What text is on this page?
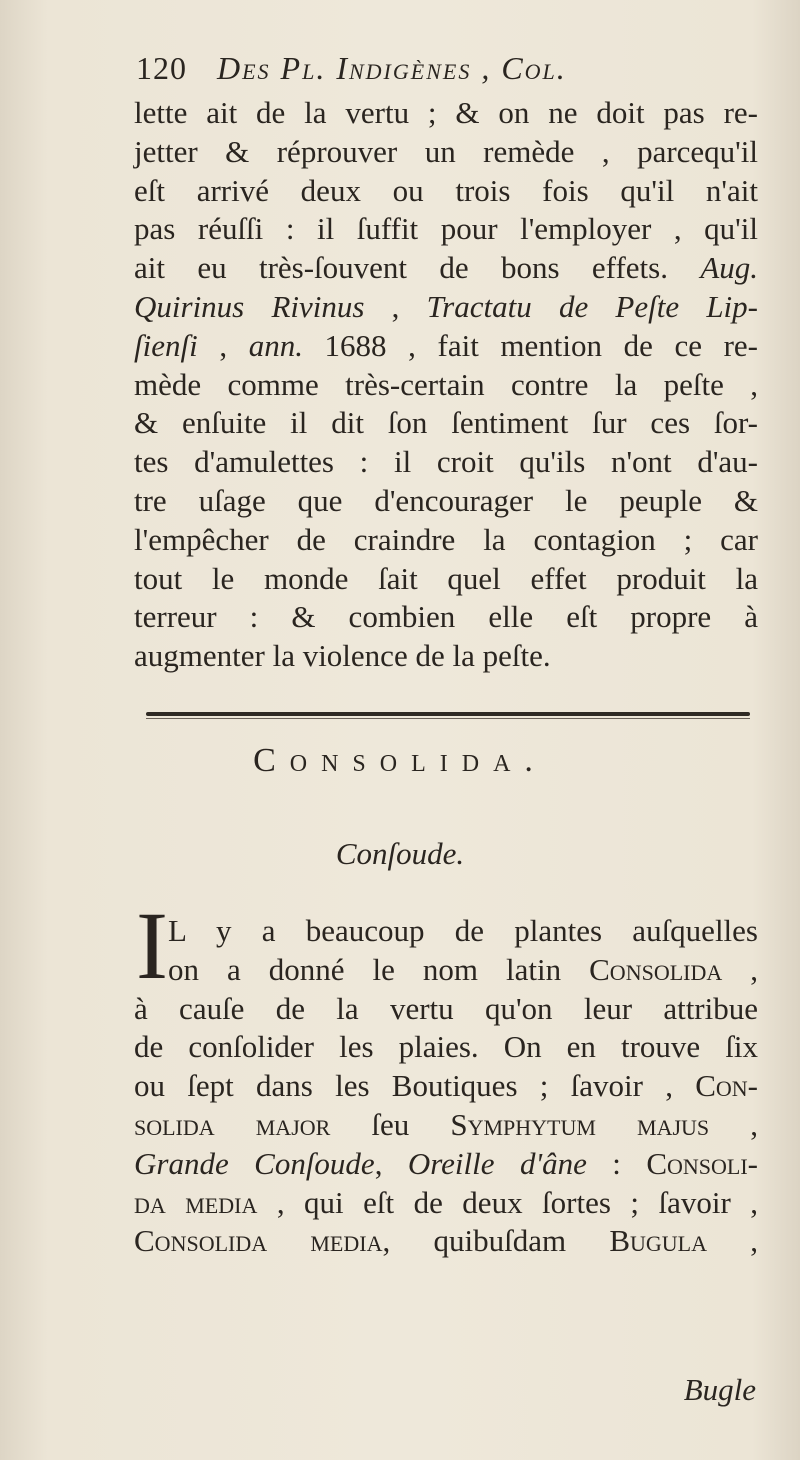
120 Des Pl. Indigènes , Col.
lette ait de la vertu ; & on ne doit pas re-
jetter & réprouver un remède , parcequ'il
eſt arrivé deux ou trois fois qu'il n'ait
pas réuſſi : il ſuffit pour l'employer , qu'il
ait eu très-ſouvent de bons effets. Aug.
Quirinus Rivinus , Tractatu de Peſte Lip-
ſienſi , ann. 1688 , fait mention de ce re-
mède comme très-certain contre la peſte ,
& enſuite il dit ſon ſentiment ſur ces ſor-
tes d'amulettes : il croit qu'ils n'ont d'au-
tre uſage que d'encourager le peuple &
l'empêcher de craindre la contagion ; car
tout le monde ſait quel effet produit la
terreur : & combien elle eſt propre à
augmenter la violence de la peſte.
Consolida.
Conſoude.
I L y a beaucoup de plantes auſquelles
on a donné le nom latin Consolida ,
à cauſe de la vertu qu'on leur attribue
de conſolider les plaies. On en trouve ſix
ou ſept dans les Boutiques ; ſavoir , Con-
solida major ſeu Symphytum majus ,
Grande Conſoude, Oreille d'âne : Consoli-
da media , qui eſt de deux ſortes ; ſavoir ,
Consolida media, quibuſdam Bugula ,
Bugle
